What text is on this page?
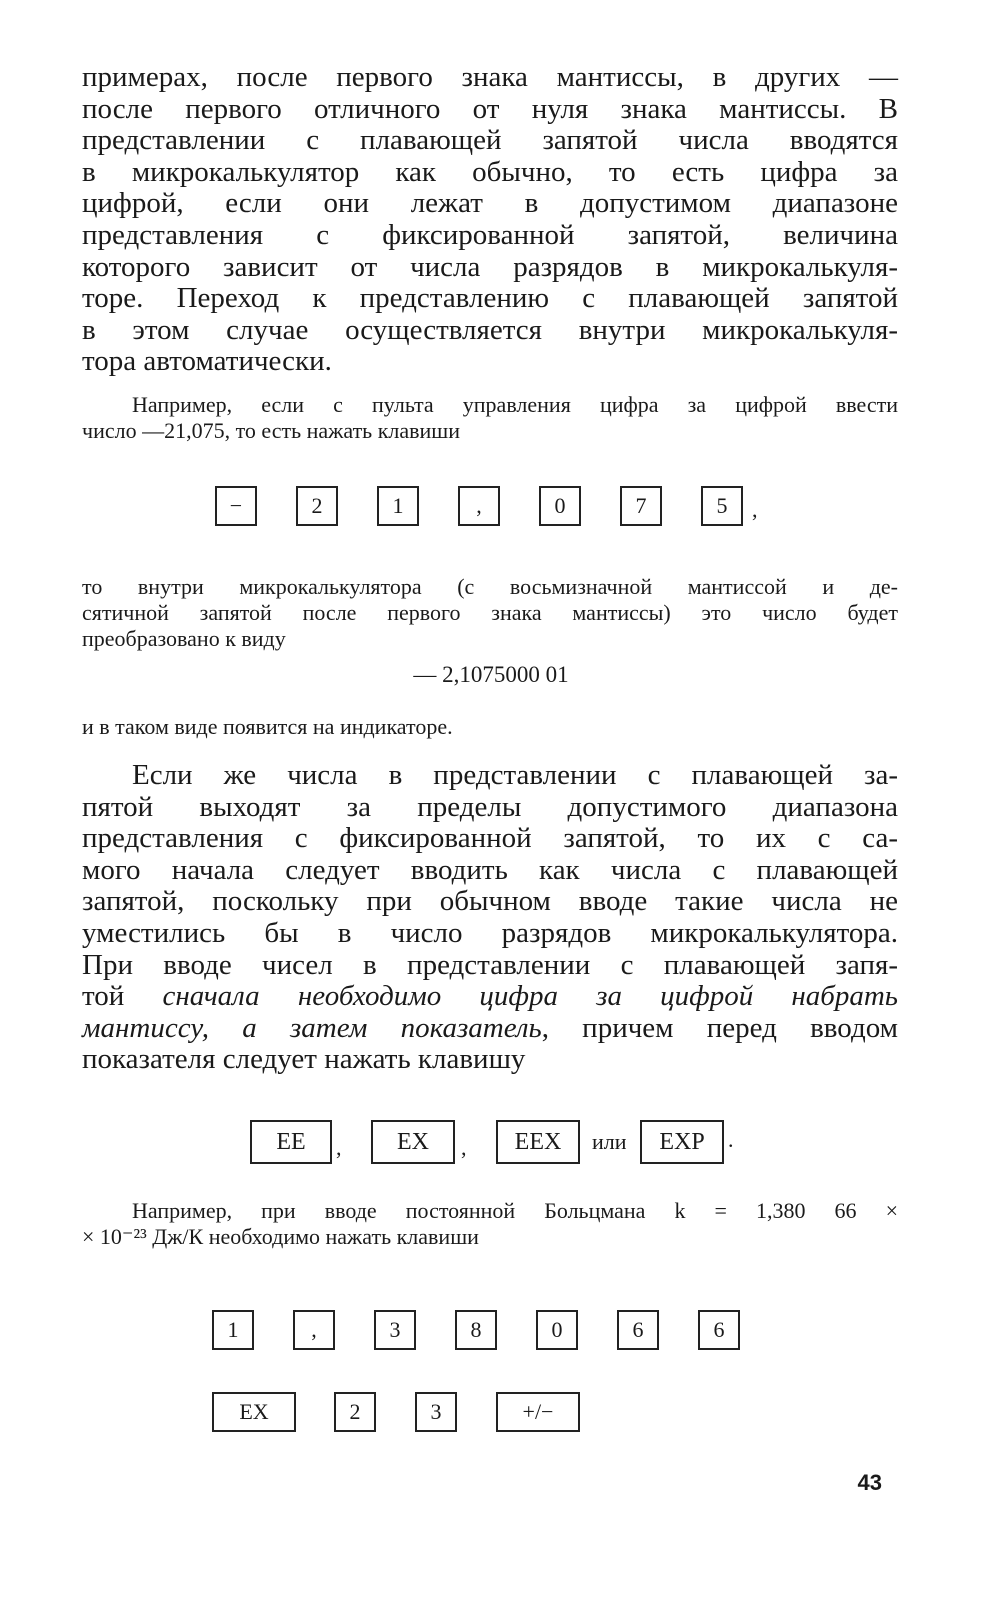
примерах, после первого знака мантиссы, в других —
после первого отличного от нуля знака мантиссы. В
представлении с плавающей запятой числа вводятся
в микрокалькулятор как обычно, то есть цифра за
цифрой, если они лежат в допустимом диапазоне
представления с фиксированной запятой, величина
которого зависит от числа разрядов в микрокалькуля-
торе. Переход к представлению с плавающей запятой
в этом случае осуществляется внутри микрокалькуля-
тора автоматически.

Например, если с пульта управления цифра за цифрой ввести
число —21,075, то есть нажать клавиши

−	2	1	,	0	7	5	,

то внутри микрокалькулятора (с восьмизначной мантиссой и де-
сятичной запятой после первого знака мантиссы) это число будет
преобразовано к виду

— 2,1075000 01

и в таком виде появится на индикаторе.

Если же числа в представлении с плавающей за-
пятой выходят за пределы допустимого диапазона
представления с фиксированной запятой, то их с са-
мого начала следует вводить как числа с плавающей
запятой, поскольку при обычном вводе такие числа не
уместились бы в число разрядов микрокалькулятора.
При вводе чисел в представлении с плавающей запя-
той сначала необходимо цифра за цифрой набрать
мантиссу, а затем показатель, причем перед вводом
показателя следует нажать клавишу

EE	,	EX	,	EEX	или	EXP	.

Например, при вводе постоянной Больцмана k = 1,380 66 ×
× 10⁻²³ Дж/К необходимо нажать клавиши

1	,	3	8	0	6	6
EX	2	3	+/−
43
